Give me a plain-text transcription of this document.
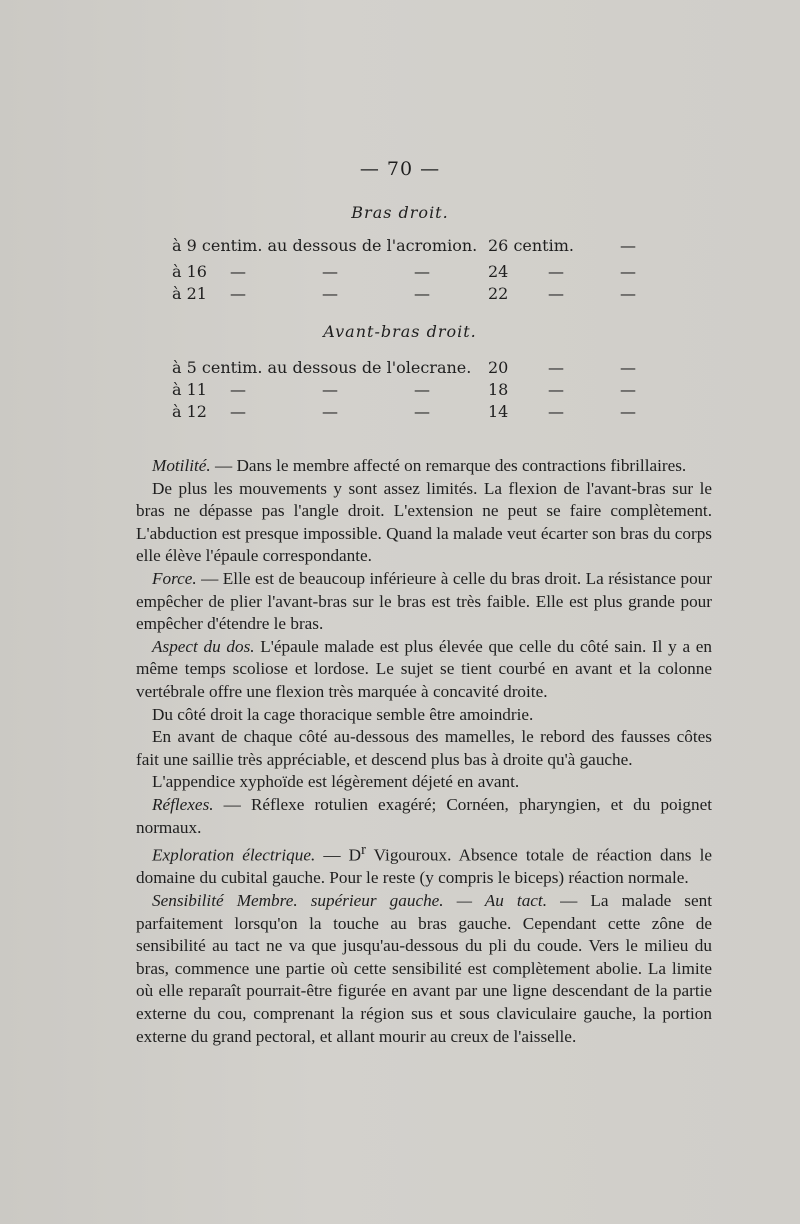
— 70 —
Bras droit.
à 9 centim. au dessous de l'acromion. 26 centim.	—
à 16 —	—	—	24 —	—
à 21 —	—	—	22 —	—
Avant-bras droit.
à 5 centim. au dessous de l'olecrane. 20 —	—
à 11 —	—	—	18 —	—
à 12 —	—	—	14 —	—

Motilité. — Dans le membre affecté on remarque des contractions fibrillaires.

De plus les mouvements y sont assez limités. La flexion de l'avant-bras sur le bras ne dépasse pas l'angle droit. L'extension ne peut se faire complètement. L'abduction est presque impossible. Quand la malade veut écarter son bras du corps elle élève l'épaule correspondante.

Force. — Elle est de beaucoup inférieure à celle du bras droit. La résistance pour empêcher de plier l'avant-bras sur le bras est très faible. Elle est plus grande pour empêcher d'étendre le bras.

Aspect du dos. L'épaule malade est plus élevée que celle du côté sain. Il y a en même temps scoliose et lordose. Le sujet se tient courbé en avant et la colonne vertébrale offre une flexion très marquée à concavité droite.

Du côté droit la cage thoracique semble être amoindrie.

En avant de chaque côté au-dessous des mamelles, le rebord des fausses côtes fait une saillie très appréciable, et descend plus bas à droite qu'à gauche.

L'appendice xyphoïde est légèrement déjeté en avant.

Réflexes. — Réflexe rotulien exagéré; Cornéen, pharyngien, et du poignet normaux.

Exploration électrique. — $D^r$ Vigouroux. Absence totale de réaction dans le domaine du cubital gauche. Pour le reste (y compris le biceps) réaction normale.

Sensibilité Membre. supérieur gauche. — Au tact. — La malade sent parfaitement lorsqu'on la touche au bras gauche. Cependant cette zône de sensibilité au tact ne va que jusqu'au-dessous du pli du coude. Vers le milieu du bras, commence une partie où cette sensibilité est complètement abolie. La limite où elle reparaît pourrait-être figurée en avant par une ligne descendant de la partie externe du cou, comprenant la région sus et sous claviculaire gauche, la portion externe du grand pectoral, et allant mourir au creux de l'aisselle.
